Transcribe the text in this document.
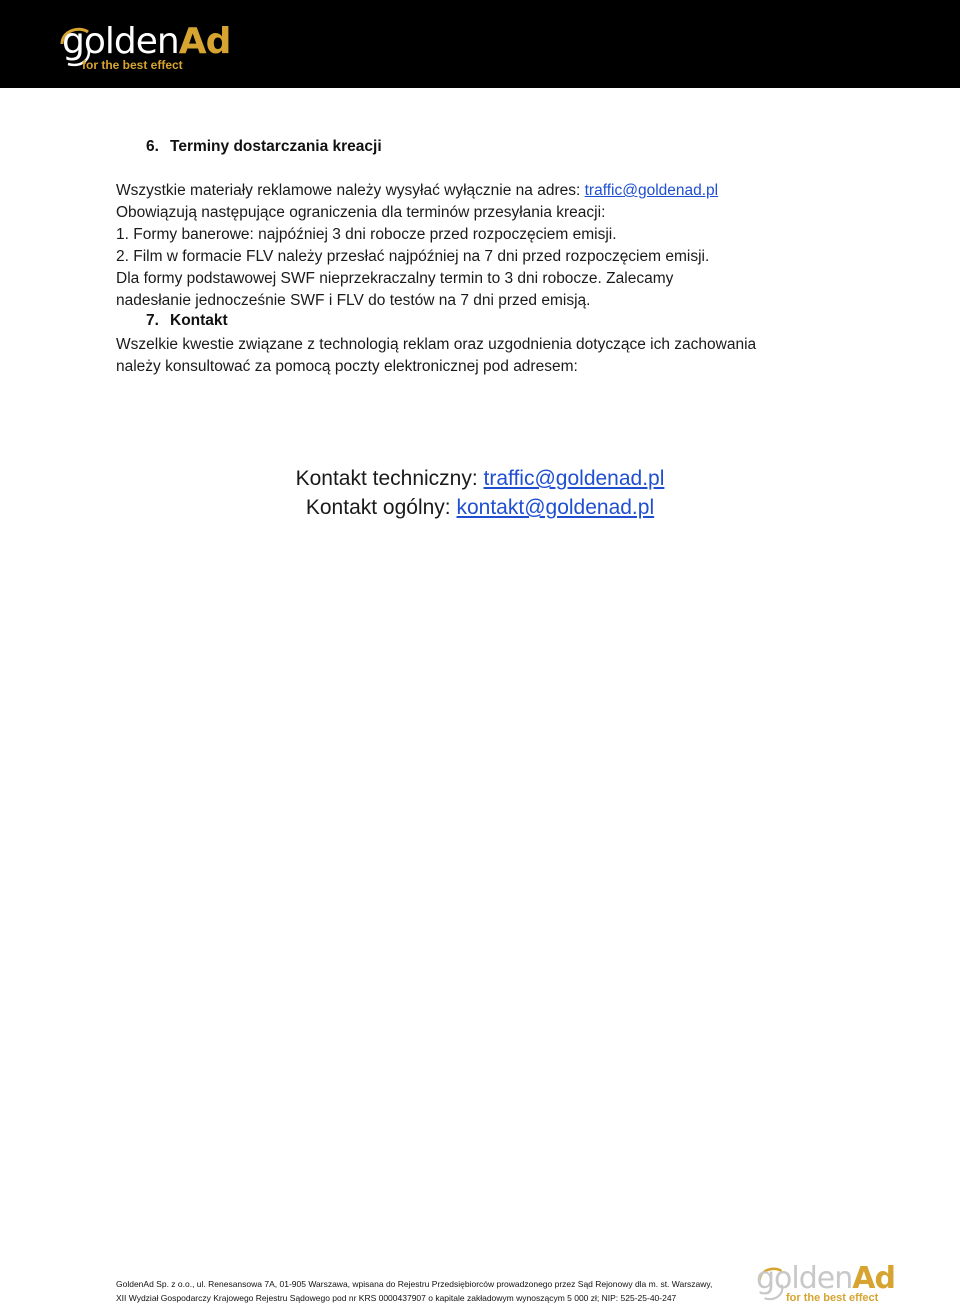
goldenAd
for the best effect
6. Terminy dostarczania kreacji
Wszystkie materiały reklamowe należy wysyłać wyłącznie na adres: traffic@goldenad.pl
Obowiązują następujące ograniczenia dla terminów przesyłania kreacji:
1. Formy banerowe: najpóźniej 3 dni robocze przed rozpoczęciem emisji.
2. Film w formacie FLV należy przesłać najpóźniej na 7 dni przed rozpoczęciem emisji.
Dla formy podstawowej SWF nieprzekraczalny termin to 3 dni robocze. Zalecamy
nadesłanie jednocześnie SWF i FLV do testów na 7 dni przed emisją.
7. Kontakt
Wszelkie kwestie związane z technologią reklam oraz uzgodnienia dotyczące ich zachowania
należy konsultować za pomocą poczty elektronicznej pod adresem:
Kontakt techniczny: traffic@goldenad.pl
Kontakt ogólny: kontakt@goldenad.pl
GoldenAd Sp. z o.o., ul. Renesansowa 7A, 01-905 Warszawa, wpisana do Rejestru Przedsiębiorców prowadzonego przez Sąd Rejonowy dla m. st. Warszawy,
XII Wydział Gospodarczy Krajowego Rejestru Sądowego pod nr KRS 0000437907 o kapitale zakładowym wynoszącym 5 000 zł; NIP: 525-25-40-247
goldenAd
for the best effect
